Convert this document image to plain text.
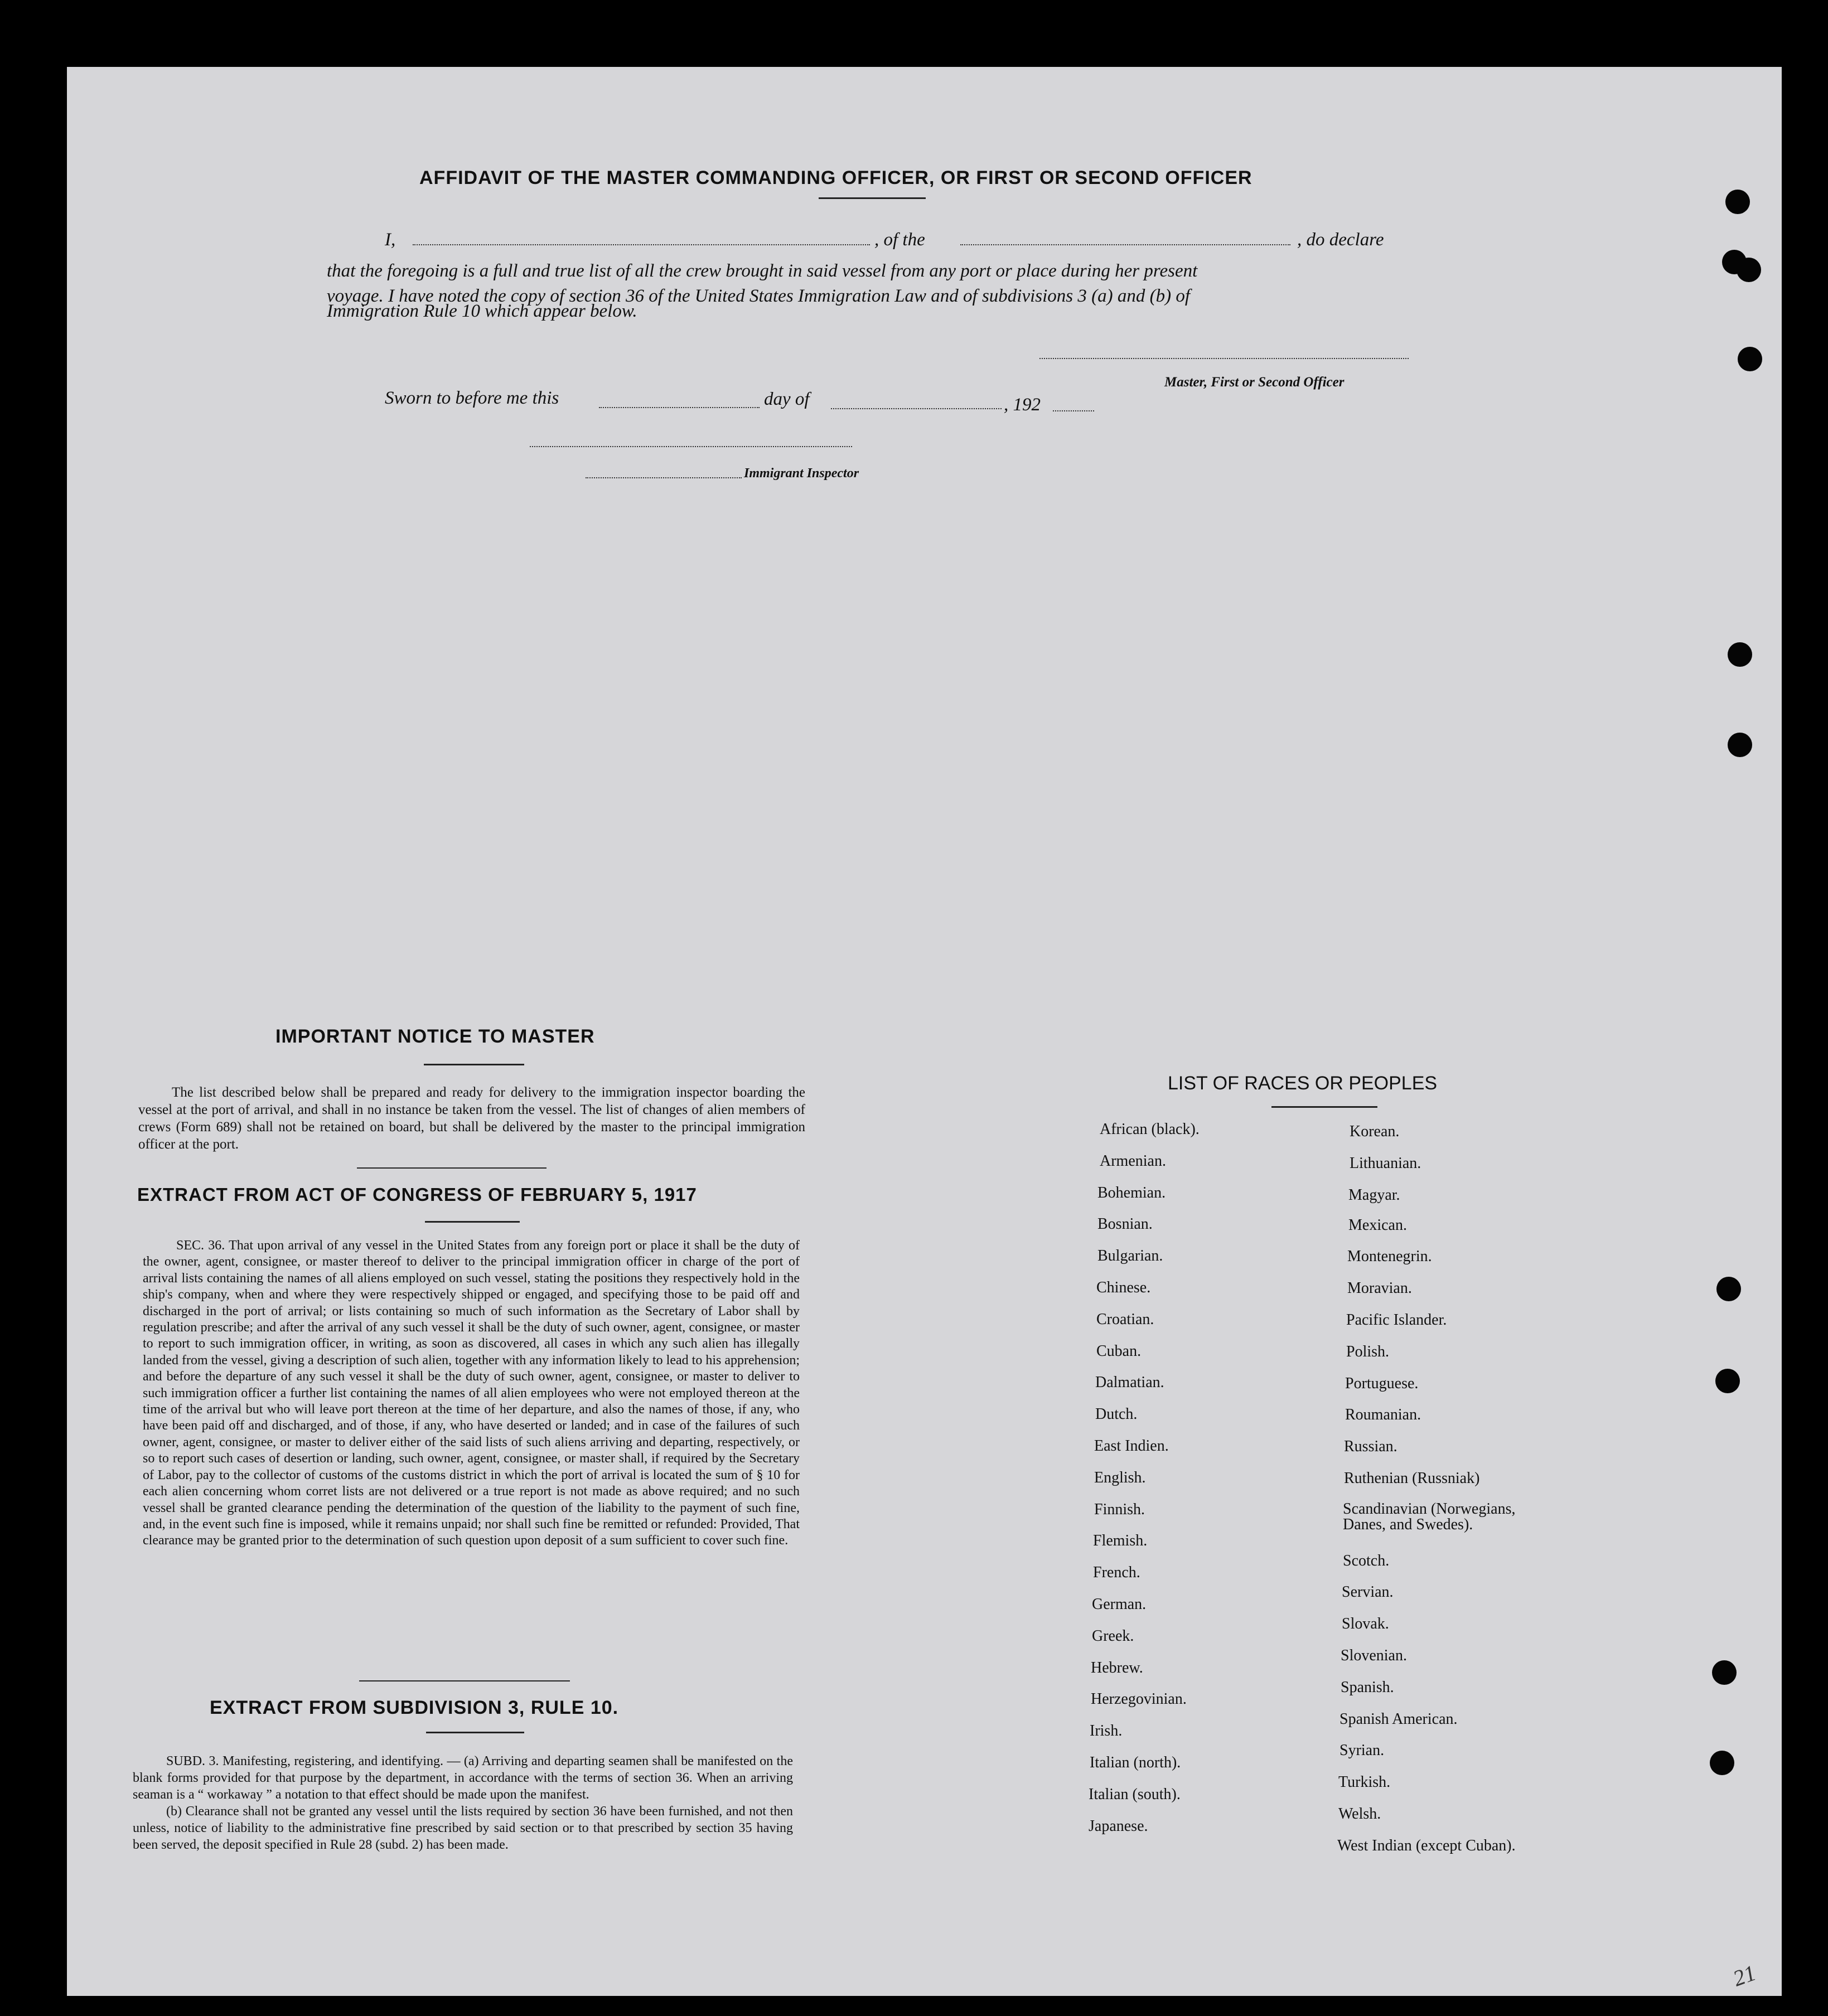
AFFIDAVIT OF THE MASTER COMMANDING OFFICER, OR FIRST OR SECOND OFFICER
I,	, of the	, do declare
that the foregoing is a full and true list of all the crew brought in said vessel from any port or place during her present
voyage. I have noted the copy of section 36 of the United States Immigration Law and of subdivisions 3 (a) and (b) of
Immigration Rule 10 which appear below.
Master, First or Second Officer
Sworn to before me this	day of	, 192
Immigrant Inspector
IMPORTANT NOTICE TO MASTER

The list described below shall be prepared and ready for delivery to the immigration inspector boarding the vessel at the port of arrival, and shall in no instance be taken from the vessel. The list of changes of alien members of crews (Form 689) shall not be retained on board, but shall be delivered by the master to the principal immigration officer at the port.

EXTRACT FROM ACT OF CONGRESS OF FEBRUARY 5, 1917

SEC. 36. That upon arrival of any vessel in the United States from any foreign port or place it shall be the duty of the owner, agent, consignee, or master thereof to deliver to the principal immigration officer in charge of the port of arrival lists containing the names of all aliens employed on such vessel, stating the positions they respectively hold in the ship's company, when and where they were respectively shipped or engaged, and specifying those to be paid off and discharged in the port of arrival; or lists containing so much of such information as the Secretary of Labor shall by regulation prescribe; and after the arrival of any such vessel it shall be the duty of such owner, agent, consignee, or master to report to such immigration officer, in writing, as soon as discovered, all cases in which any such alien has illegally landed from the vessel, giving a description of such alien, together with any information likely to lead to his apprehension; and before the departure of any such vessel it shall be the duty of such owner, agent, consignee, or master to deliver to such immigration officer a further list containing the names of all alien employees who were not employed thereon at the time of the arrival but who will leave port thereon at the time of her departure, and also the names of those, if any, who have been paid off and discharged, and of those, if any, who have deserted or landed; and in case of the failures of such owner, agent, consignee, or master to deliver either of the said lists of such aliens arriving and departing, respectively, or so to report such cases of desertion or landing, such owner, agent, consignee, or master shall, if required by the Secretary of Labor, pay to the collector of customs of the customs district in which the port of arrival is located the sum of § 10 for each alien concerning whom corret lists are not delivered or a true report is not made as above required; and no such vessel shall be granted clearance pending the determination of the question of the liability to the payment of such fine, and, in the event such fine is imposed, while it remains unpaid; nor shall such fine be remitted or refunded: Provided, That clearance may be granted prior to the determination of such question upon deposit of a sum sufficient to cover such fine.

EXTRACT FROM SUBDIVISION 3, RULE 10.

SUBD. 3. Manifesting, registering, and identifying. — (a) Arriving and departing seamen shall be manifested on the blank forms provided for that purpose by the department, in accordance with the terms of section 36. When an arriving seaman is a “ workaway ” a notation to that effect should be made upon the manifest.

(b) Clearance shall not be granted any vessel until the lists required by section 36 have been furnished, and not then unless, notice of liability to the administrative fine prescribed by said section or to that prescribed by section 35 having been served, the deposit specified in Rule 28 (subd. 2) has been made.

LIST OF RACES OR PEOPLES
African (black).
Armenian.
Bohemian.
Bosnian.
Bulgarian.
Chinese.
Croatian.
Cuban.
Dalmatian.
Dutch.
East Indien.
English.
Finnish.
Flemish.
French.
German.
Greek.
Hebrew.
Herzegovinian.
Irish.
Italian (north).
Italian (south).
Japanese.
Korean.
Lithuanian.
Magyar.
Mexican.
Montenegrin.
Moravian.
Pacific Islander.
Polish.
Portuguese.
Roumanian.
Russian.
Ruthenian (Russniak)
Scandinavian (Norwegians, Danes, and Swedes).
Scotch.
Servian.
Slovak.
Slovenian.
Spanish.
Spanish American.
Syrian.
Turkish.
Welsh.
West Indian (except Cuban).
21
